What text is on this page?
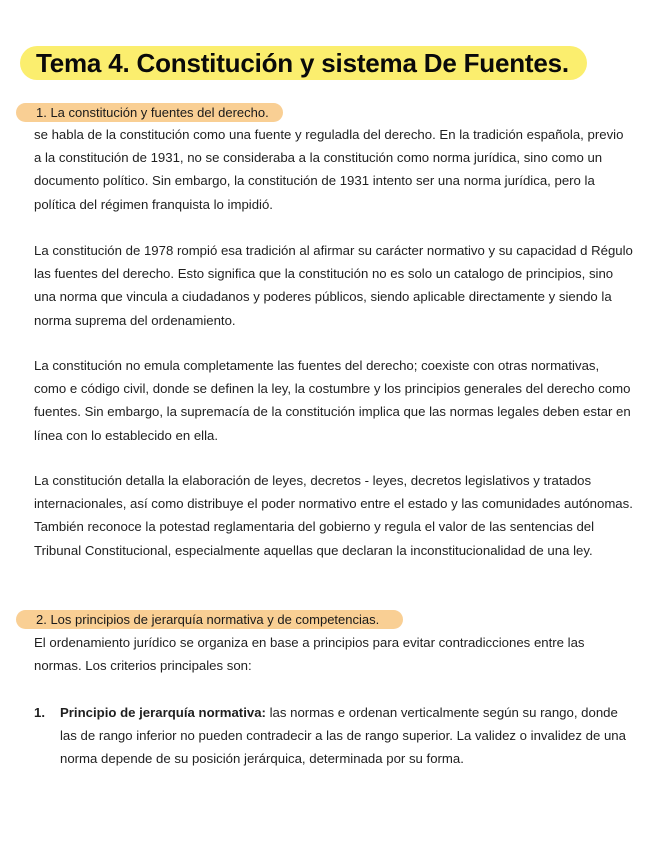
Tema 4. Constitución y sistema De Fuentes.
1. La constitución y fuentes del derecho.

se habla de la constitución como una fuente y reguladla del derecho. En la tradición española, previo a la constitución de 1931, no se consideraba a la constitución como norma jurídica, sino como un documento político. Sin embargo, la constitución de 1931 intento ser una norma jurídica, pero la política del régimen franquista lo impidió.

La constitución de 1978 rompió esa tradición al afirmar su carácter normativo y su capacidad d Régulo las fuentes del derecho. Esto significa que la constitución no es solo un catalogo de principios, sino una norma que vincula a ciudadanos y poderes públicos, siendo aplicable directamente y siendo la norma suprema del ordenamiento.

La constitución no emula completamente las fuentes del derecho; coexiste con otras normativas, como e código civil, donde se definen la ley, la costumbre y los principios generales del derecho como fuentes. Sin embargo, la supremacía de la constitución implica que las normas legales deben estar en línea con lo establecido en ella.

La constitución detalla la elaboración de leyes, decretos - leyes, decretos legislativos y tratados internacionales, así como distribuye el poder normativo entre el estado y las comunidades autónomas. También reconoce la potestad reglamentaria del gobierno y regula el valor de las sentencias del Tribunal Constitucional, especialmente aquellas que declaran la inconstitucionalidad de una ley.

2. Los principios de jerarquía normativa y de competencias.

El ordenamiento jurídico se organiza en base a principios para evitar contradicciones entre las normas. Los criterios principales son:

1. Principio de jerarquía normativa: las normas e ordenan verticalmente según su rango, donde las de rango inferior no pueden contradecir a las de rango superior. La validez o invalidez de una norma depende de su posición jerárquica, determinada por su forma.
